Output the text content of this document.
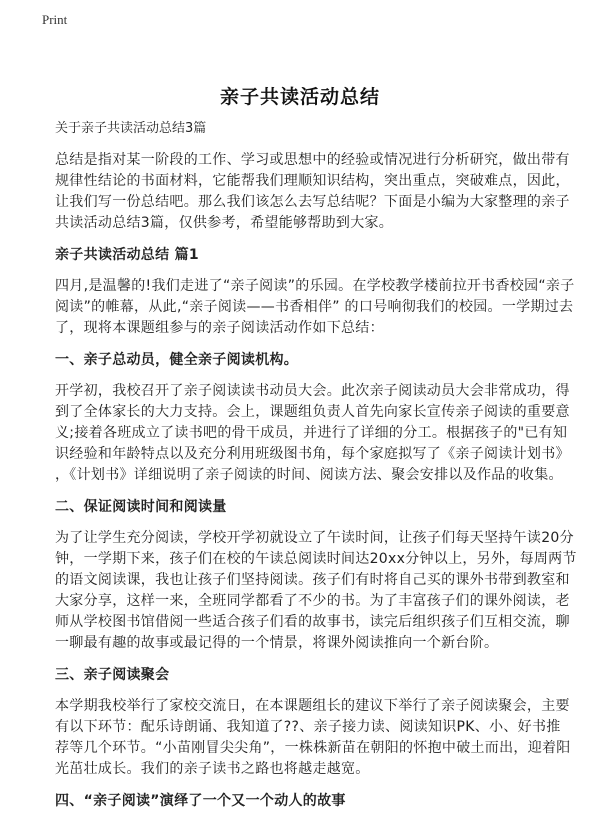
Print
亲子共读活动总结
关于亲子共读活动总结3篇
总结是指对某一阶段的工作、学习或思想中的经验或情况进行分析研究，做出带有
规律性结论的书面材料，它能帮我们理顺知识结构，突出重点，突破难点，因此，
让我们写一份总结吧。那么我们该怎么去写总结呢？下面是小编为大家整理的亲子
共读活动总结3篇，仅供参考，希望能够帮助到大家。
亲子共读活动总结 篇1
四月,是温馨的!我们走进了“亲子阅读”的乐园。在学校教学楼前拉开书香校园“亲子
阅读”的帷幕，从此,“亲子阅读——书香相伴” 的口号响彻我们的校园。一学期过去
了，现将本课题组参与的亲子阅读活动作如下总结：
一、亲子总动员，健全亲子阅读机构。
开学初，我校召开了亲子阅读读书动员大会。此次亲子阅读动员大会非常成功，得
到了全体家长的大力支持。会上，课题组负责人首先向家长宣传亲子阅读的重要意
义;接着各班成立了读书吧的骨干成员，并进行了详细的分工。根据孩子的"已有知
识经验和年龄特点以及充分利用班级图书角，每个家庭拟写了《亲子阅读计划书》
，《计划书》详细说明了亲子阅读的时间、阅读方法、聚会安排以及作品的收集。
二、保证阅读时间和阅读量
为了让学生充分阅读，学校开学初就设立了午读时间，让孩子们每天坚持午读20分
钟，一学期下来，孩子们在校的午读总阅读时间达20xx分钟以上，另外，每周两节
的语文阅读课，我也让孩子们坚持阅读。孩子们有时将自己买的课外书带到教室和
大家分享，这样一来，全班同学都看了不少的书。为了丰富孩子们的课外阅读，老
师从学校图书馆借阅一些适合孩子们看的故事书，读完后组织孩子们互相交流，聊
一聊最有趣的故事或最记得的一个情景，将课外阅读推向一个新台阶。
三、亲子阅读聚会
本学期我校举行了家校交流日，在本课题组长的建议下举行了亲子阅读聚会，主要
有以下环节：配乐诗朗诵、我知道了??、亲子接力读、阅读知识PK、小、好书推
荐等几个环节。“小苗刚冒尖尖角”，一株株新苗在朝阳的怀抱中破土而出，迎着阳
光茁壮成长。我们的亲子读书之路也将越走越宽。
四、“亲子阅读”演绎了一个又一个动人的故事
